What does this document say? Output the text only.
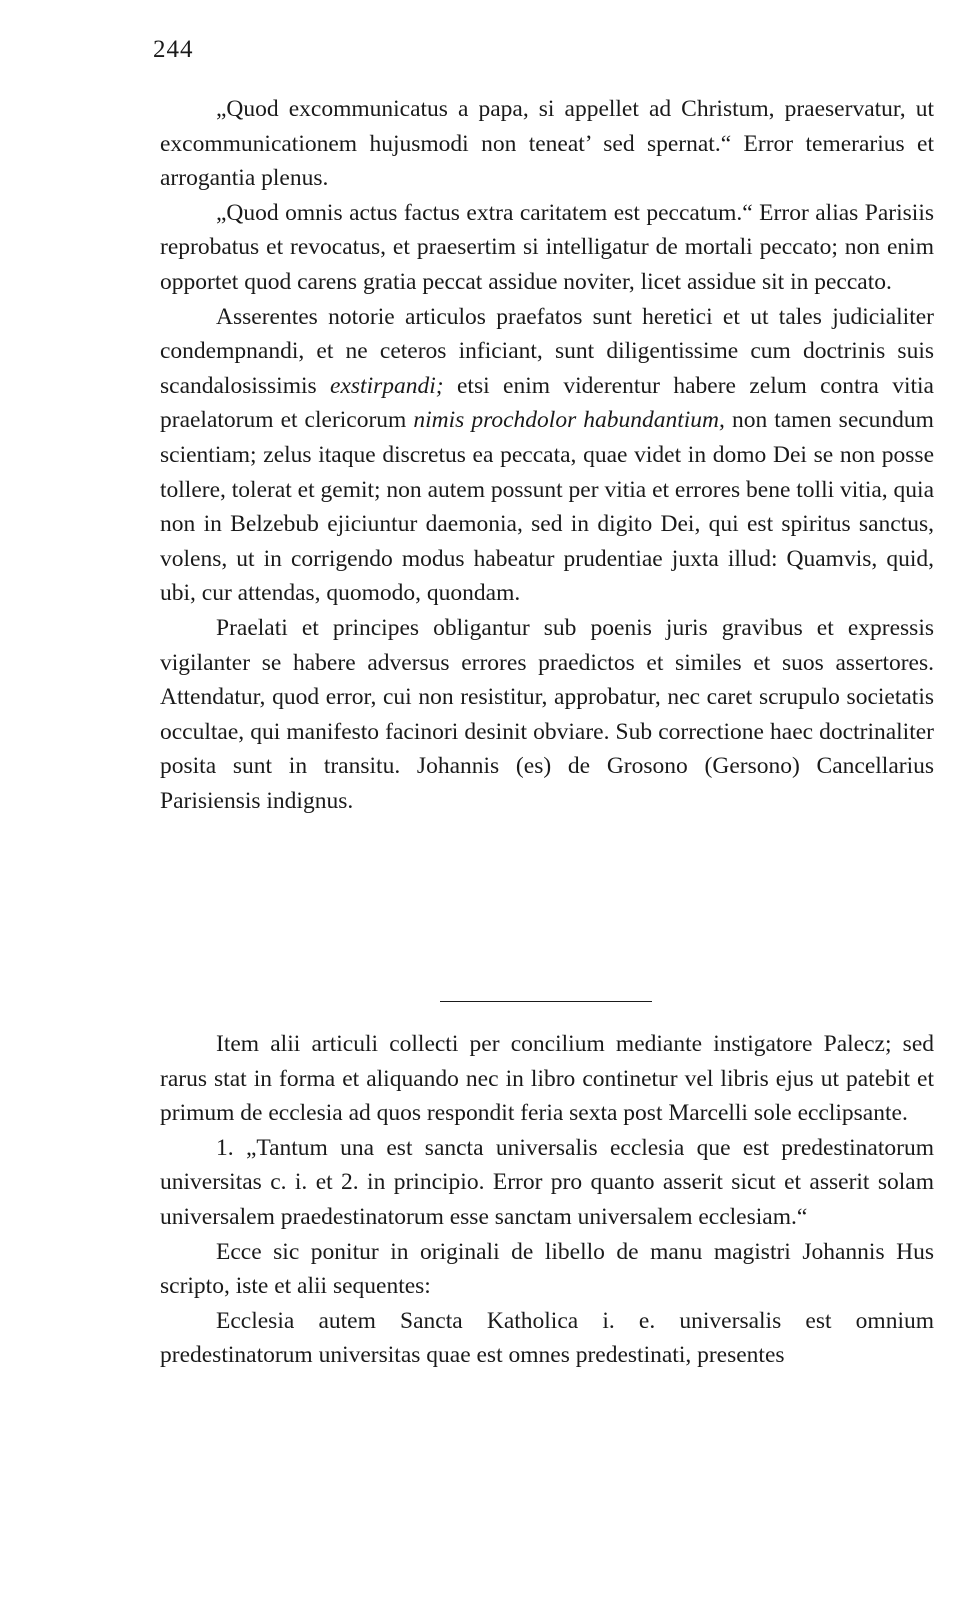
244

„Quod excommunicatus a papa, si appellet ad Christum, praeservatur, ut excommunicationem hujusmodi non teneat’ sed spernat.“ Error temerarius et arrogantia plenus.

„Quod omnis actus factus extra caritatem est peccatum.“ Error alias Parisiis reprobatus et revocatus, et praesertim si intelligatur de mortali peccato; non enim opportet quod carens gratia peccat assidue noviter, licet assidue sit in peccato.

Asserentes notorie articulos praefatos sunt heretici et ut tales judicialiter condempnandi, et ne ceteros inficiant, sunt diligentissime cum doctrinis suis scandalosissimis exstirpandi; etsi enim viderentur habere zelum contra vitia praelatorum et clericorum nimis prochdolor habundantium, non tamen secundum scientiam; zelus itaque discretus ea peccata, quae videt in domo Dei se non posse tollere, tolerat et gemit; non autem possunt per vitia et errores bene tolli vitia, quia non in Belzebub ejiciuntur daemonia, sed in digito Dei, qui est spiritus sanctus, volens, ut in corrigendo modus habeatur prudentiae juxta illud: Quamvis, quid, ubi, cur attendas, quomodo, quondam.

Praelati et principes obligantur sub poenis juris gravibus et expressis vigilanter se habere adversus errores praedictos et similes et suos assertores. Attendatur, quod error, cui non resistitur, approbatur, nec caret scrupulo societatis occultae, qui manifesto facinori desinit obviare. Sub correctione haec doctrinaliter posita sunt in transitu. Johannis (es) de Grosono (Gersono) Cancellarius Parisiensis indignus.

Item alii articuli collecti per concilium mediante instigatore Palecz; sed rarus stat in forma et aliquando nec in libro continetur vel libris ejus ut patebit et primum de ecclesia ad quos respondit feria sexta post Marcelli sole ecclipsante.

1. „Tantum una est sancta universalis ecclesia que est predestinatorum universitas c. i. et 2. in principio. Error pro quanto asserit sicut et asserit solam universalem praedestinatorum esse sanctam universalem ecclesiam.“

Ecce sic ponitur in originali de libello de manu magistri Johannis Hus scripto, iste et alii sequentes:

Ecclesia autem Sancta Katholica i. e. universalis est omnium predestinatorum universitas quae est omnes predestinati, presentes
